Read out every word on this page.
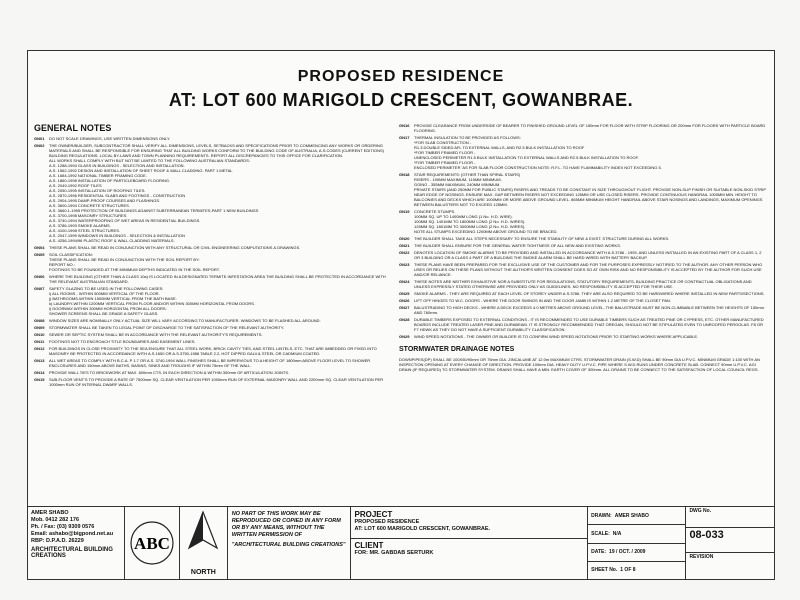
PROPOSED RESIDENCE
AT: LOT 600 MARIGOLD CRESCENT, GOWANBRAE.
GENERAL NOTES
GN01	DO NOT SCALE DRAWINGS, USE WRITTEN DIMENSIONS ONLY.
GN02	THE OWNER/BUILDER, SUBCONTRACTOR SHALL VERIFY ALL DIMENSIONS, LEVELS, SETBACKS AND SPECIFICATIONS PRIOR TO COMMENCING ANY WORKS OR ORDERING MATERIALS AND SHALL BE RESPONSIBLE FOR ENSURING THAT ALL BUILDING WORKS CONFORM TO THE BUILDING CODE OF AUSTRALIA, A.S.CODES (CURRENT EDITIONS) BUILDING REGULATIONS, LOCAL BY-LAWS AND TOWN PLANNING REQUIREMENTS. REPORT ALL DISCREPANCIES TO THIS OFFICE FOR CLARIFICATION.
ALL WORKS SHALL COMPLY WITH BUT NOT BE LIMITED TO THE FOLLOWING AUSTRALIAN STANDARDS:
A.S. 1288-1994 GLASS IN BUILDINGS - SELECTION AND INSTALLATION.
A.S. 1562-1992 DESIGN AND INSTALLATION OF SHEET ROOF & WALL CLADDING. PART 1 METAL
A.S. 1684-1992 NATIONAL TIMBER FRAMING CODE.
A.S. 1860-1998 INSTALLATION OF PARTICLEBOARD FLOORING.
A.S. 2049-1992 ROOF TILES
A.S. 2050-1995 INSTALLATION OF ROOFING TILES.
A.S. 2870-1996 RESIDENTIAL SLABS AND FOOTINGS - CONSTRUCTION
A.S. 2904-1995 DAMP-PROOF COURSES AND FLASHINGS.
A.S. 3600-1994 CONCRETE STRUCTURES.
A.S. 3660.1-1995 PROTECTION OF BUILDINGS AGAINST SUBTERRANEAN TERMITES-PART 1 NEW BUILDINGS
A.S. 3700-1998 MASONRY STRUCTURES
A.S. 3740-1994 WATERPROOFING OF WET AREAS IN RESIDENTIAL BUILDINGS.
A.S. 3786-1993 SMOKE ALARMS.
A.S. 4100-1998 STEEL STRUCTURES.
A.S. 2047-1999 WINDOWS IN BUILDINGS - SELECTION & INSTALLATION
A.S. 4256-1994/96 PLASTIC ROOF & WALL CLADDING MATERIALS.
GN04	THESE PLANS SHALL BE READ IN CONJUNCTION WITH ANY STRUCTURAL OR CIVIL ENGINEERING COMPUTATIONS & DRAWINGS.
GN05	SOIL CLASSIFICATION:
THESE PLANS SHALL BE READ IN CONJUNCTION WITH THE SOIL REPORT BY:
REPORT NO.:
FOOTINGS TO BE FOUNDED AT THE MINIMUM DEPTHS INDICATED IN THE SOIL REPORT.
GN06	WHERE THE BUILDING (OTHER THAN A CLASS 10a) IS LOCATED IN A DESIGNATED TERMITE INFESTATION AREA THE BUILDING SHALL BE PROTECTED IN ACCORDANCE WITH THE RELEVANT AUSTRALIAN STANDARD.
GN07	SAFETY GLAZING TO BE USED IN THE FOLLOWING CASES:
i) ALL ROOMS - WITHIN 500MM VERTICAL OF THE FLOOR.
j) BATHROOMS-WITHIN 1500MM VERTICAL FROM THE BATH BASE.
k) LAUNDRY-WITHIN 1200MM VERTICAL FROM FLOOR AND/OR WITHIN 300MM HORIZONTAL FROM DOORS.
l) DOORWAY-WITHIN 300MM HORIZONTAL FROM ALL DOORS.
SHOWER SCREENS SHALL BE GRADE A SAFETY GLASS.
GN08	WINDOW SIZES ARE NOMINALLY ONLY ACTUAL SIZE WILL VARY ACCORDING TO MANUFACTURER. WINDOWS TO BE FLASHED ALL AROUND.
GN09	STORMWATER SHALL BE TAKEN TO LEGAL POINT OF DISCHARGE TO THE SATISFACTION OF THE RELEVANT AUTHORITY.
GN10	SEWER OR SEPTIC SYSTEM SHALL BE IN ACCORDANCE WITH THE RELEVANT AUTHORITY'S REQUIREMENTS.
GN11	FOOTINGS NOT TO ENCROACH TITLE BOUNDARIES AND EASEMENT LINES.
GN12	FOR BUILDINGS IN CLOSE PROXIMITY TO THE SEA ENSURE THAT ALL STEEL WORK, BRICK CAVITY TIES, AND STEEL LINTELS, ETC. THAT ARE IMBEDDED OR FIXED INTO MASONRY BE PROTECTED IN ACCORDANCE WITH A.S.1650 OR A.S.3750-1988 TABLE 2.2, HOT DIPPED GALV.& STEEL OR CADMIUM COATED.
GN13	ALL WET AREAS TO COMPLY WITH B.C.A. P 1.7 OR A.S. 3740-1994 WALL FINISHES SHALL BE IMPERVIOUS TO A HEIGHT OF 1800mm ABOVE FLOOR LEVEL TO SHOWER ENCLOSURES AND 150mm ABOVE BATHS, BASINS, SINKS AND TROUGHS IF WITHIN 75mm OF THE WALL.
GN14	PROVIDE WALL TIES TO BRICKWORK AT MAX. 600mm CTS. IN EACH DIRECTION & WITHIN 300mm OF ARTICULATION JOINTS.
GN15	SUB-FLOOR VENT'S TO PROVIDE A RATE OF 7500mm SQ. CLEAR VENTILATION PER 1000mm RUN OF EXTERNAL MASONRY WALL AND 2200mm SQ. CLEAR VENTILATION PER 1000mm RUN OF INTERNAL DWARF WALLS.
GN16	PROVIDE CLEARANCE FROM UNDERSIDE OF BEARER TO FINISHED GROUND LEVEL OF 150mm FOR FLOOR WITH STRIP FLOORING OR 200mm FOR FLOORS WITH PARTICLE BOARD FLOORING.
GN17	THERMAL INSULATION TO BE PROVIDED AS FOLLOWS:
*FOR SLAB CONSTRUCTION -
R1.3 DOUBLE SIDED AFL TO EXTERNAL WALLS, AND R2.5 BULK INSTALLATION TO ROOF
*FOR TIMBER FRAMED FLOOR -
UNENCLOSED PERIMETER R1.5 BULK INSTALLATION TO EXTERNAL WALLS AND R2.5 BULK INSTALLATION TO ROOF.
*FOR TIMBER FRAMED FLOOR -
ENCLOSED PERIMETER 'AS FOR SLAB FLOOR CONSTRUCTION NOTE: R.F.L. TO HAVE FLAMMABILITY INDEX NOT EXCEEDING 5.
GN18	STAIR REQUIREMENTS: (OTHER THAN SPIRAL STAIRS)
RISERS - 190MM MAXIMUM, 115MM MINIMUM.
GOING - 355MM MAXIMUM, 240MM MINIMUM.
PRIVATE STAIRS (AND 250MM FOR PUBLIC STAIRS) RISERS AND TREADS TO BE CONSTANT IN SIZE THROUGHOUT FLIGHT. PROVIDE NON-SLIP FINISH OR SUITABLE NON-SKID STRIP NEAR EDGE OF NOSINGS. ENSURE MAX. GAP BETWEEN RISERS NOT EXCEEDING 125MM OR USE CLOSED RISERS. PROVIDE CONTINUOUS HANDRAIL 1000MM MIN. HEIGHT TO BALCONIES AND DECKS WHICH ARE 1000MM OR MORE ABOVE GROUND LEVEL. 865MM MINIMUM HEIGHT HANDRAIL ABOVE STAIR NOSINGS AND LANDINGS, MAXIMUM OPENINGS BETWEEN BALUSTERS NOT TO EXCEED 125MM.
GN19	CONCRETE STUMPS.
100MM SQ. UP TO 1400MM LONG (1 No. H.D. WIRE).
100MM SQ. 1401MM TO 1800MM LONG (2 No. H.D. WIRES).
125MM SQ. 1801MM TO 3000MM LONG (2 No. H.D. WIRES).
NOTE ALL STUMPS EXCEEDING 1200MM ABOVE GROUND TO BE BRACED.
GN20	THE BUILDER SHALL TAKE ALL STEPS NECESSARY TO ENSURE THE STABILITY OF NEW & EXIST. STRUCTURE DURING ALL WORKS.
GN21	THE BUILDER SHALL ENSURE FOR THE GENERAL WATER TIGHTNESS OF ALL NEW AND EXISTING WORKS.
GN22	DENOTES LOCATION OF SMOKE ALARMS TO BE PROVIDED AND INSTALLED IN ACCORDANCE WITH A.S.3786 - 1993, AND UNLESS INSTALLED IN AN EXISTING PART OF A CLASS 1, 2 OR 3 BUILDING OR A CLASS 4 PART OF A BUILDING THE SMOKE ALARM SHALL BE HARD WIRED WITH BATTERY BACKUP.
GN23	THESE PLANS HAVE BEEN PREPARED FOR THE EXCLUSIVE USE OF THE CUSTOMER AND FOR THE PURPOSES EXPRESSLY NOTIFIED TO THE AUTHOR. ANY OTHER PERSON WHO USES OR RELIES ON THESE PLANS WITHOUT THE AUTHOR'S WRITTEN CONSENT DOES SO AT OWN RISK AND NO RESPONSIBILITY IS ACCEPTED BY THE AUTHOR FOR SUCH USE AND/OR RELIANCE.
GN24	THESE NOTES ARE NEITHER EXHAUSTIVE NOR A SUBSTITUTE FOR REGULATIONS, STATUTORY REQUIREMENTS, BUILDING PRACTICE OR CONTRACTUAL OBLIGATIONS AND UNLESS EXPRESSLY STATED OTHERWISE ARE PROVIDED ONLY AS GUIDELINES. NO RESPONSIBILITY IS ACCEPTED FOR THEIR USE.
GN25	SMOKE ALARMS - THEY ARE REQUIRED AT EACH LEVEL OF STOREY UNDER A.S.3786. THEY ARE ALSO REQUIRED TO BE HARDWIRED WHERE INSTALLED IN NEW PARTS/SECTIONS.
GN26	LIFT OFF HINGES TO W.C. DOORS - WHERE THE DOOR SWINGS IN AND THE DOOR JAMB IS WITHIN 1.2 METRE OF THE CLOSET PAN.
GN27	BALUSTRADING TO HIGH DECKS - WHERE A DECK EXCEEDS 4.0 METRES ABOVE GROUND LEVEL, THE BALUSTRADE MUST BE NON-CLIMBABLE BETWEEN THE HEIGHTS OF 150mm AND 760mm.
GN28	DURABLE TIMBERS EXPOSED TO EXTERNAL CONDITIONS - IT IS RECOMMENDED TO USE DURABLE TIMBERS SUCH AS TREATED PINE OR CYPRESS, ETC. OTHER MANUFACTURED BOARDS INCLUDE TREATED LASER PINE AND DURABEAM. IT IS STRONGLY RECOMMENDED THAT OREGAN, SHOULD NOT BE STIPULATED EVEN TO UNROOFED PERGOLAS. F8 OR F7 HDWK AS THEY DO NOT HAVE A SUFFICIENT DURABILITY CLASSIFICATION.
GN29	WIND SPEED NOTATIONS - THE OWNER OR BUILDER IS TO CONFIRM WIND SPEED NOTATIONS PRIOR TO STARTING WORKS WHERE APPLICABLE.
STORMWATER DRAINAGE NOTES
DOWNPIPES(DP) SHALL BE 100X50/90mm OR 75mm DIA. ZINCALUME AT 12.0m MAXIMUM CTRS. STORMWATER DRAIN (S.W.D) SHALL BE 90mm DIA U.P.V.C. MINIMUM GRADE 1:100 WITH AN INSPECTION OPENING AT EVERY CHANGE OF DIRECTION. PROVIDE 100mm DIA. HEAVY DUTY U.P.V.C. PIPE WHERE S.W.D RUNS UNDER CONCRETE SLAB. CONNECT 90mm U.P.V.C. AGI DRAIN (IF REQUIRED) TO STORMWATER SYSTEM. DRAINS SHALL HAVE A MIN. EARTH COVER OF 300mm. ALL DRAINS TO BE CONNECT TO THE SATISFACTION OF LOCAL COUNCIL REGS.
AMER SHABO
Mob. 0412 282 176
Ph. / Fax: (03) 9309 0576
Email: ashabo@bigpond.net.au
RBP: D.P.A.D. 26229
ARCHITECTURAL BUILDING CREATIONS
ABC
NORTH
NO PART OF THIS WORK MAY BE REPRODUCED OR COPIED IN ANY FORM OR BY ANY MEANS, WITHOUT THE WRITTEN PERMISSION OF
"ARCHITECTURAL BUILDING CREATIONS"
PROJECT
PROPOSED RESIDENCE
AT: LOT 600 MARIGOLD CRESCENT, GOWANBRAE.
CLIENT
FOR: MR. GABDAB SERTURK
DRAWN: AMER SHABO
SCALE: N/A
DATE: 19 / OCT. / 2009
SHEET No. 1 OF 8
DWG No.
08-033
REVISION
